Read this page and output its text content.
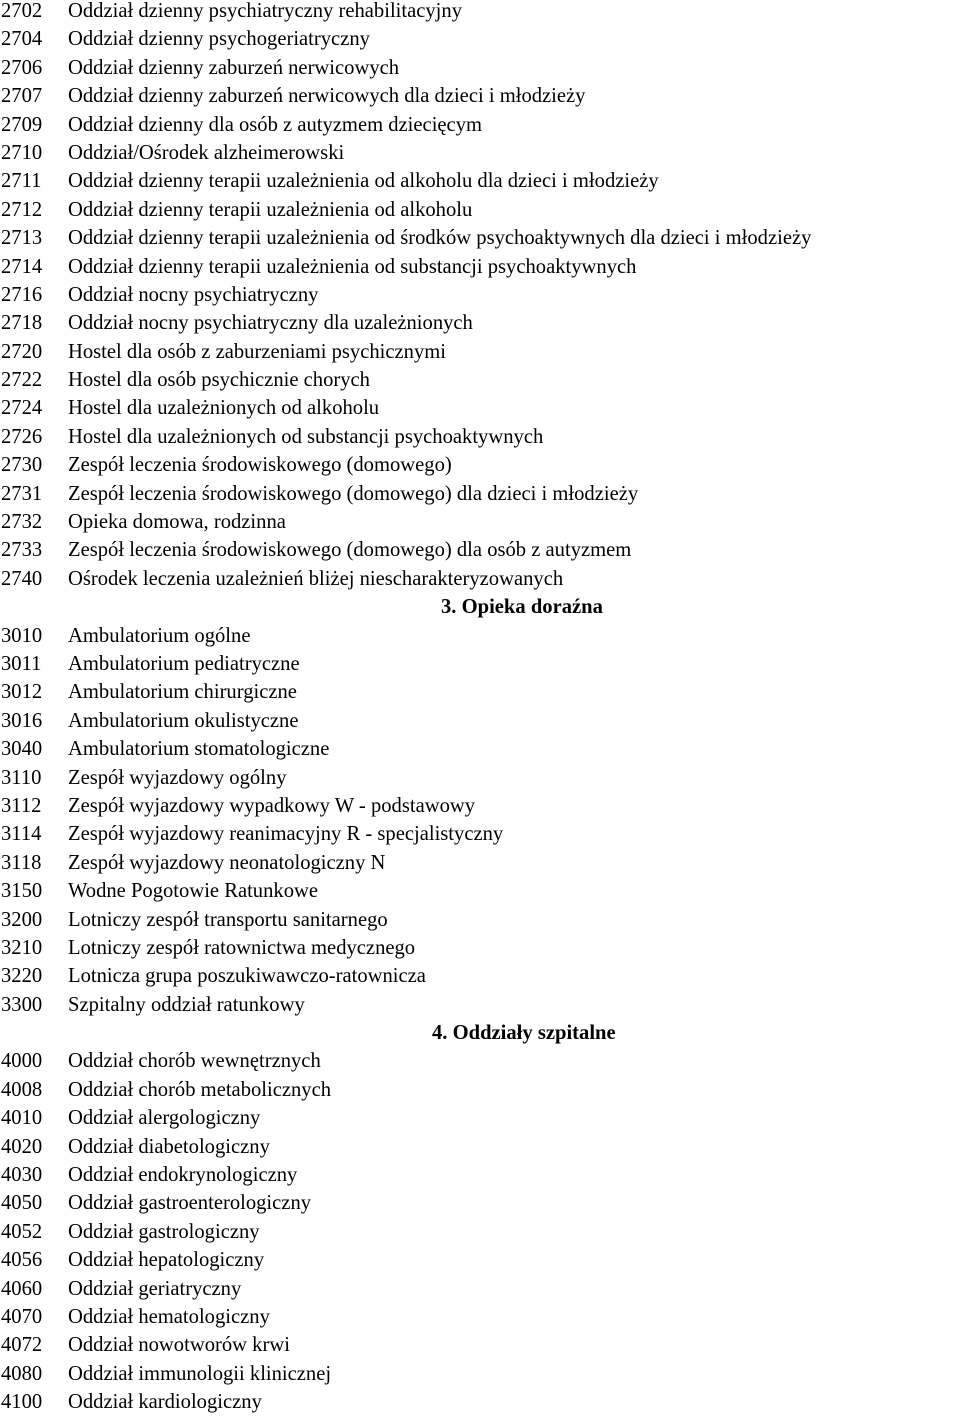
2702 Oddział dzienny psychiatryczny rehabilitacyjny
2704 Oddział dzienny psychogeriatryczny
2706 Oddział dzienny zaburzeń nerwicowych
2707 Oddział dzienny zaburzeń nerwicowych dla dzieci i młodzieży
2709 Oddział dzienny dla osób z autyzmem dziecięcym
2710 Oddział/Ośrodek alzheimerowski
2711 Oddział dzienny terapii uzależnienia od alkoholu dla dzieci i młodzieży
2712 Oddział dzienny terapii uzależnienia od alkoholu
2713 Oddział dzienny terapii uzależnienia od środków psychoaktywnych dla dzieci i młodzieży
2714 Oddział dzienny terapii uzależnienia od substancji psychoaktywnych
2716 Oddział nocny psychiatryczny
2718 Oddział nocny psychiatryczny dla uzależnionych
2720 Hostel dla osób z zaburzeniami psychicznymi
2722 Hostel dla osób psychicznie chorych
2724 Hostel dla uzależnionych od alkoholu
2726 Hostel dla uzależnionych od substancji psychoaktywnych
2730 Zespół leczenia środowiskowego (domowego)
2731 Zespół leczenia środowiskowego (domowego) dla dzieci i młodzieży
2732 Opieka domowa, rodzinna
2733 Zespół leczenia środowiskowego (domowego) dla osób z autyzmem
2740 Ośrodek leczenia uzależnień bliżej niescharakteryzowanych
3. Opieka doraźna
3010 Ambulatorium ogólne
3011 Ambulatorium pediatryczne
3012 Ambulatorium chirurgiczne
3016 Ambulatorium okulistyczne
3040 Ambulatorium stomatologiczne
3110 Zespół wyjazdowy ogólny
3112 Zespół wyjazdowy wypadkowy W - podstawowy
3114 Zespół wyjazdowy reanimacyjny R - specjalistyczny
3118 Zespół wyjazdowy neonatologiczny N
3150 Wodne Pogotowie Ratunkowe
3200 Lotniczy zespół transportu sanitarnego
3210 Lotniczy zespół ratownictwa medycznego
3220 Lotnicza grupa poszukiwawczo-ratownicza
3300 Szpitalny oddział ratunkowy
4. Oddziały szpitalne
4000 Oddział chorób wewnętrznych
4008 Oddział chorób metabolicznych
4010 Oddział alergologiczny
4020 Oddział diabetologiczny
4030 Oddział endokrynologiczny
4050 Oddział gastroenterologiczny
4052 Oddział gastrologiczny
4056 Oddział hepatologiczny
4060 Oddział geriatryczny
4070 Oddział hematologiczny
4072 Oddział nowotworów krwi
4080 Oddział immunologii klinicznej
4100 Oddział kardiologiczny
